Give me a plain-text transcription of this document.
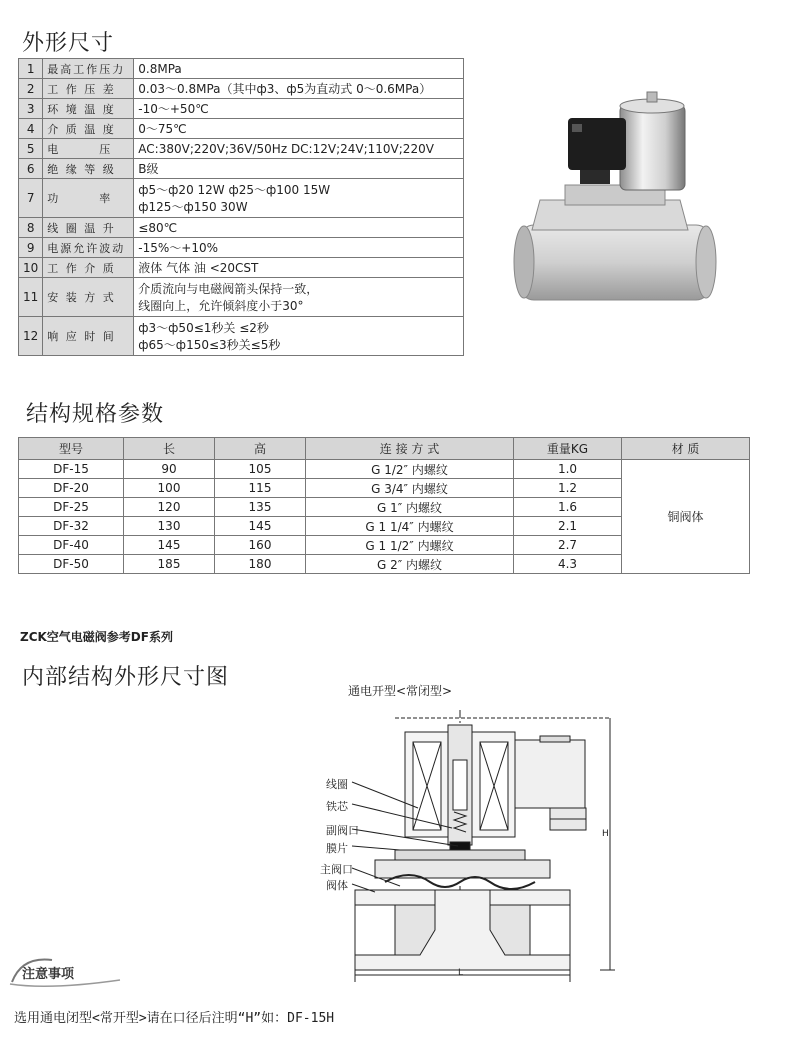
外形尺寸
1	最高工作压力	0.8MPa

2	工 作 压 差	0.03～0.8MPa（其中ф3、ф5为直动式 0～0.6MPa）

3	环 境 温 度	-10～+50℃

4	介 质 温 度	0～75℃

5	电　　　压	AC:380V;220V;36V/50Hz DC:12V;24V;110V;220V

6	绝 缘 等 级	B级

7	功　　　率	ф5～ф20 12W ф25～ф100 15W
ф125～ф150 30W

8	线 圈 温 升	≤80℃

9	电源允许波动	-15%～+10%

10	工 作 介 质	液体 气体 油 <20CST

11	安 装 方 式	介质流向与电磁阀箭头保持一致，
线圈向上，允许倾斜度小于30°

12	响 应 时 间	ф3～ф50≤1秒关 ≤2秒
ф65～ф150≤3秒关≤5秒
结构规格参数
型号	长	高	连 接 方 式	重量KG	材 质
DF-15	90	105	G 1/2″ 内螺纹	1.0	铜阀体
DF-20	100	115	G 3/4″ 内螺纹	1.2	
DF-25	120	135	G 1″ 内螺纹	1.6	
DF-32	130	145	G 1 1/4″ 内螺纹	2.1	
DF-40	145	160	G 1 1/2″ 内螺纹	2.7	
DF-50	185	180	G 2″ 内螺纹	4.3	
ZCK空气电磁阀参考DF系列
内部结构外形尺寸图
通电开型<常闭型>
H
L
线圈
铁芯
副阀口
膜片
主阀口
阀体
注意事项
选用通电闭型<常开型>请在口径后注明“H”如：DF-15H
